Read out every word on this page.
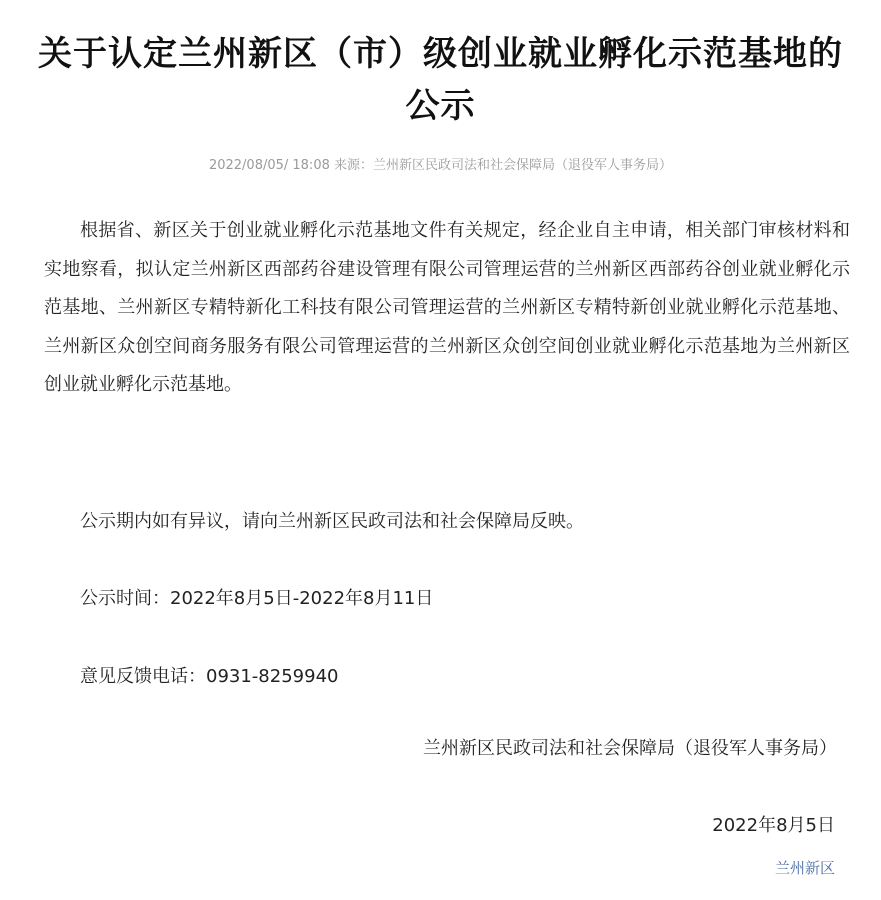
关于认定兰州新区（市）级创业就业孵化示范基地的公示
2022/08/05/ 18:08 来源：兰州新区民政司法和社会保障局（退役军人事务局）

根据省、新区关于创业就业孵化示范基地文件有关规定，经企业自主申请，相关部门审核材料和实地察看，拟认定兰州新区西部药谷建设管理有限公司管理运营的兰州新区西部药谷创业就业孵化示范基地、兰州新区专精特新化工科技有限公司管理运营的兰州新区专精特新创业就业孵化示范基地、兰州新区众创空间商务服务有限公司管理运营的兰州新区众创空间创业就业孵化示范基地为兰州新区创业就业孵化示范基地。

公示期内如有异议，请向兰州新区民政司法和社会保障局反映。

公示时间：2022年8月5日-2022年8月11日

意见反馈电话：0931-8259940

兰州新区民政司法和社会保障局（退役军人事务局）
2022年8月5日
兰州新区
